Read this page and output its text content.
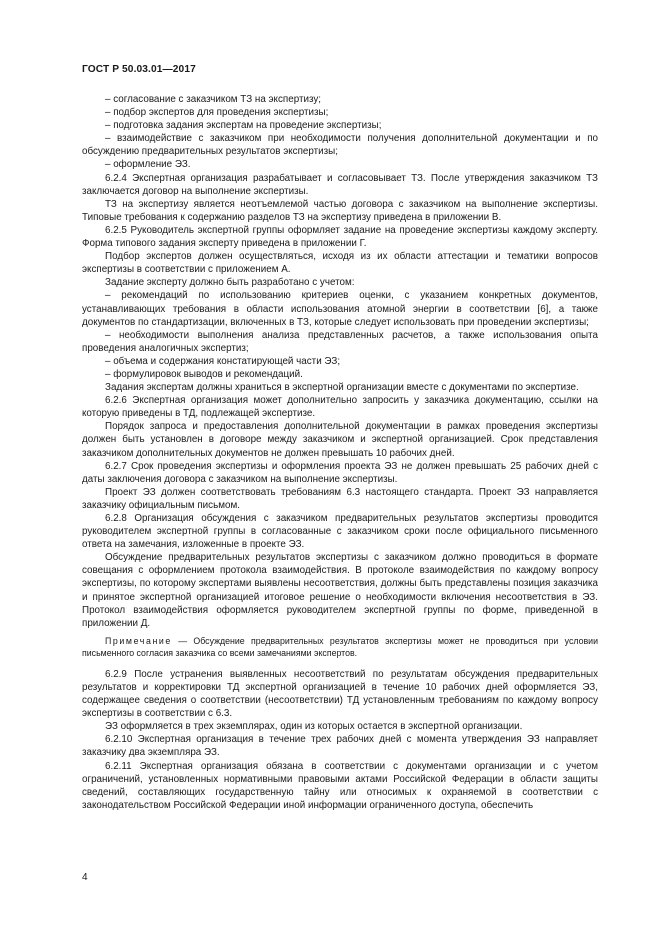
ГОСТ Р 50.03.01—2017

– согласование с заказчиком ТЗ на экспертизу;

– подбор экспертов для проведения экспертизы;

– подготовка задания экспертам на проведение экспертизы;

– взаимодействие с заказчиком при необходимости получения дополнительной документации и по обсуждению предварительных результатов экспертизы;

– оформление ЭЗ.

6.2.4 Экспертная организация разрабатывает и согласовывает ТЗ. После утверждения заказчиком ТЗ заключается договор на выполнение экспертизы.

ТЗ на экспертизу является неотъемлемой частью договора с заказчиком на выполнение экспертизы. Типовые требования к содержанию разделов ТЗ на экспертизу приведена в приложении В.

6.2.5 Руководитель экспертной группы оформляет задание на проведение экспертизы каждому эксперту. Форма типового задания эксперту приведена в приложении Г.

Подбор экспертов должен осуществляться, исходя из их области аттестации и тематики вопросов экспертизы в соответствии с приложением А.

Задание эксперту должно быть разработано с учетом:

– рекомендаций по использованию критериев оценки, с указанием конкретных документов, устанавливающих требования в области использования атомной энергии в соответствии [6], а также документов по стандартизации, включенных в ТЗ, которые следует использовать при проведении экспертизы;

– необходимости выполнения анализа представленных расчетов, а также использования опыта проведения аналогичных экспертиз;

– объема и содержания констатирующей части ЭЗ;

– формулировок выводов и рекомендаций.

Задания экспертам должны храниться в экспертной организации вместе с документами по экспертизе.

6.2.6 Экспертная организация может дополнительно запросить у заказчика документацию, ссылки на которую приведены в ТД, подлежащей экспертизе.

Порядок запроса и предоставления дополнительной документации в рамках проведения экспертизы должен быть установлен в договоре между заказчиком и экспертной организацией. Срок представления заказчиком дополнительных документов не должен превышать 10 рабочих дней.

6.2.7 Срок проведения экспертизы и оформления проекта ЭЗ не должен превышать 25 рабочих дней с даты заключения договора с заказчиком на выполнение экспертизы.

Проект ЭЗ должен соответствовать требованиям 6.3 настоящего стандарта. Проект ЭЗ направляется заказчику официальным письмом.

6.2.8 Организация обсуждения с заказчиком предварительных результатов экспертизы проводится руководителем экспертной группы в согласованные с заказчиком сроки после официального письменного ответа на замечания, изложенные в проекте ЭЗ.

Обсуждение предварительных результатов экспертизы с заказчиком должно проводиться в формате совещания с оформлением протокола взаимодействия. В протоколе взаимодействия по каждому вопросу экспертизы, по которому экспертами выявлены несоответствия, должны быть представлены позиция заказчика и принятое экспертной организацией итоговое решение о необходимости включения несоответствия в ЭЗ. Протокол взаимодействия оформляется руководителем экспертной группы по форме, приведенной в приложении Д.

Примечание — Обсуждение предварительных результатов экспертизы может не проводиться при условии письменного согласия заказчика со всеми замечаниями экспертов.

6.2.9 После устранения выявленных несоответствий по результатам обсуждения предварительных результатов и корректировки ТД экспертной организацией в течение 10 рабочих дней оформляется ЭЗ, содержащее сведения о соответствии (несоответствии) ТД установленным требованиям по каждому вопросу экспертизы в соответствии с 6.3.

ЭЗ оформляется в трех экземплярах, один из которых остается в экспертной организации.

6.2.10 Экспертная организация в течение трех рабочих дней с момента утверждения ЭЗ направляет заказчику два экземпляра ЭЗ.

6.2.11 Экспертная организация обязана в соответствии с документами организации и с учетом ограничений, установленных нормативными правовыми актами Российской Федерации в области защиты сведений, составляющих государственную тайну или относимых к охраняемой в соответствии с законодательством Российской Федерации иной информации ограниченного доступа, обеспечить

4
